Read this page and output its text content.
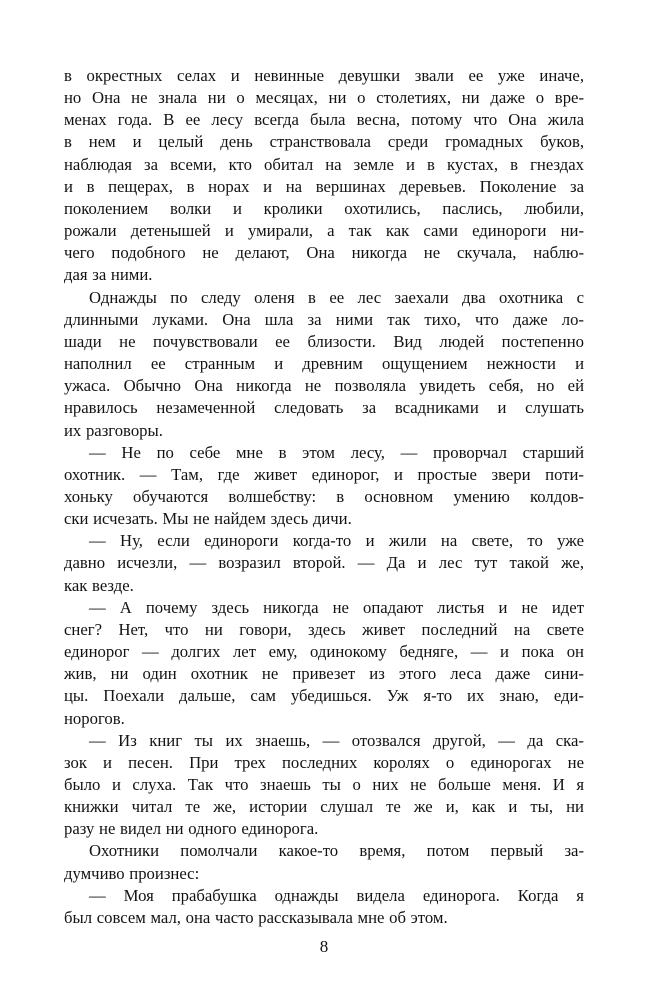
в окрестных селах и невинные девушки звали ее уже иначе,
но Она не знала ни о месяцах, ни о столетиях, ни даже о вре-
менах года. В ее лесу всегда была весна, потому что Она жила
в нем и целый день странствовала среди громадных буков,
наблюдая за всеми, кто обитал на земле и в кустах, в гнездах
и в пещерах, в норах и на вершинах деревьев. Поколение за
поколением волки и кролики охотились, паслись, любили,
рожали детенышей и умирали, а так как сами единороги ни-
чего подобного не делают, Она никогда не скучала, наблю-
дая за ними.
Однажды по следу оленя в ее лес заехали два охотника с
длинными луками. Она шла за ними так тихо, что даже ло-
шади не почувствовали ее близости. Вид людей постепенно
наполнил ее странным и древним ощущением нежности и
ужаса. Обычно Она никогда не позволяла увидеть себя, но ей
нравилось незамеченной следовать за всадниками и слушать
их разговоры.
— Не по себе мне в этом лесу, — проворчал старший
охотник. — Там, где живет единорог, и простые звери поти-
хоньку обучаются волшебству: в основном умению колдов-
ски исчезать. Мы не найдем здесь дичи.
— Ну, если единороги когда-то и жили на свете, то уже
давно исчезли, — возразил второй. — Да и лес тут такой же,
как везде.
— А почему здесь никогда не опадают листья и не идет
снег? Нет, что ни говори, здесь живет последний на свете
единорог — долгих лет ему, одинокому бедняге, — и пока он
жив, ни один охотник не привезет из этого леса даже сини-
цы. Поехали дальше, сам убедишься. Уж я-то их знаю, еди-
норогов.
— Из книг ты их знаешь, — отозвался другой, — да ска-
зок и песен. При трех последних королях о единорогах не
было и слуха. Так что знаешь ты о них не больше меня. И я
книжки читал те же, истории слушал те же и, как и ты, ни
разу не видел ни одного единорога.
Охотники помолчали какое-то время, потом первый за-
думчиво произнес:
— Моя прабабушка однажды видела единорога. Когда я
был совсем мал, она часто рассказывала мне об этом.
8
